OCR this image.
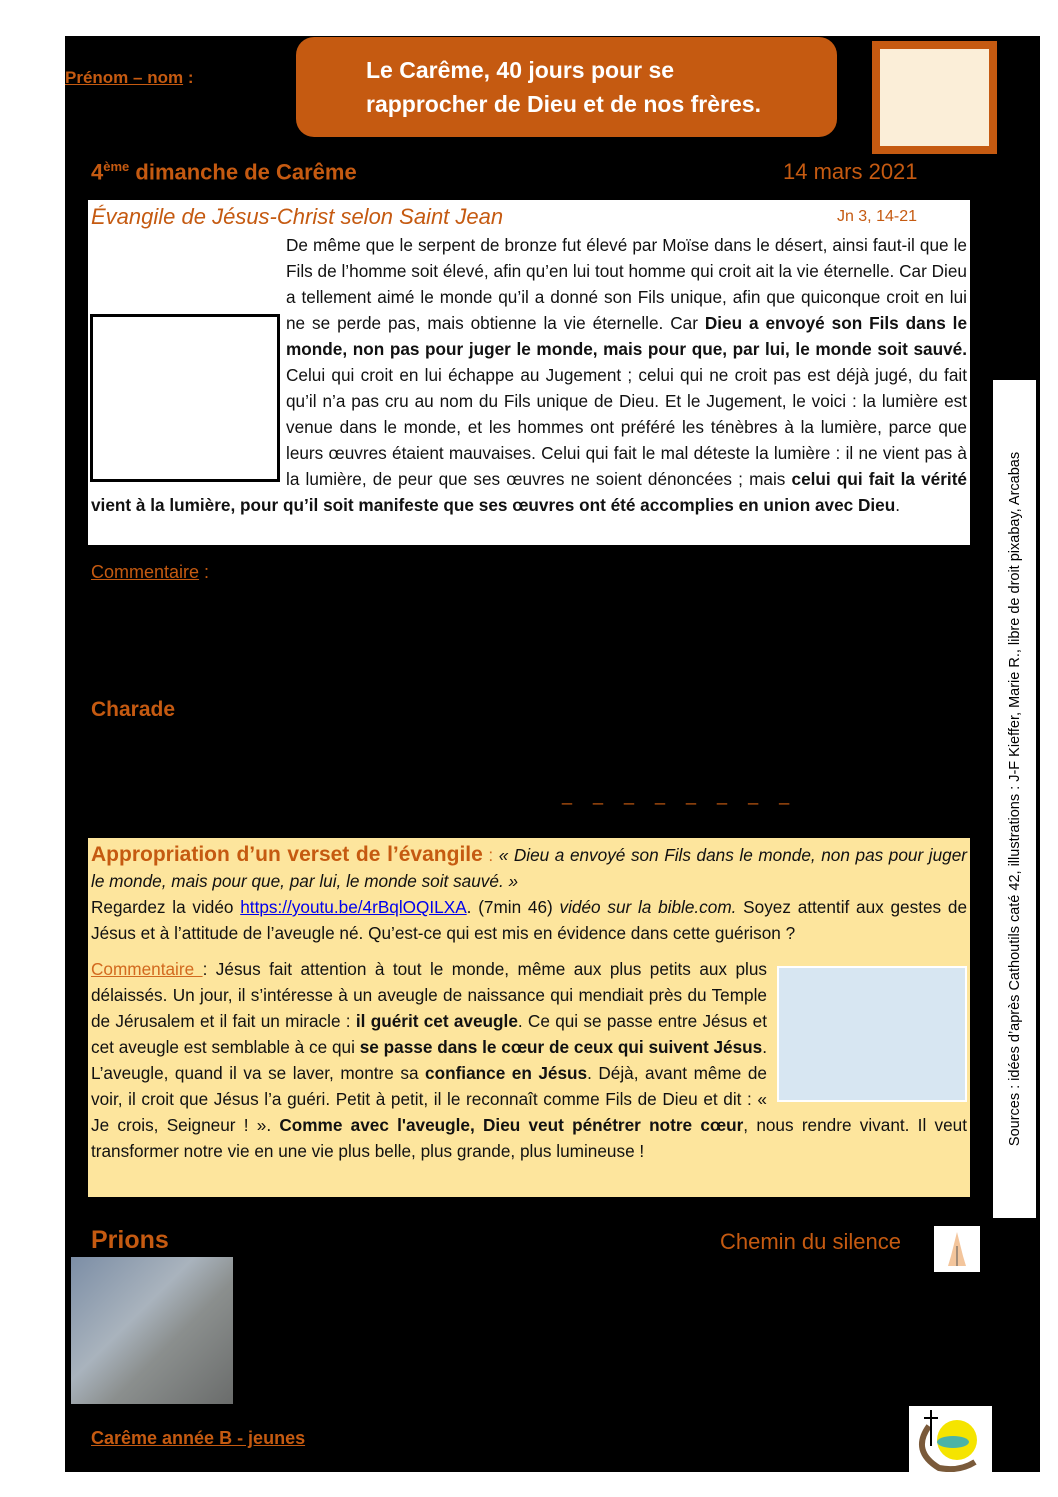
Prénom – nom :	Le Carême, 40 jours pour se
rapprocher de Dieu et de nos frères.
4ème dimanche de Carême	14 mars 2021
Évangile de Jésus-Christ selon Saint Jean	Jn 3, 14-21
De même que le serpent de bronze fut élevé par Moïse dans le désert, ainsi faut-il que le Fils de l’homme soit élevé, afin qu’en lui tout homme qui croit ait la vie éternelle. Car Dieu a tellement aimé le monde qu’il a donné son Fils unique, afin que quiconque croit en lui ne se perde pas, mais obtienne la vie éternelle. Car Dieu a envoyé son Fils dans le monde, non pas pour juger le monde, mais pour que, par lui, le monde soit sauvé. Celui qui croit en lui échappe au Jugement ; celui qui ne croit pas est déjà jugé, du fait qu’il n’a pas cru au nom du Fils unique de Dieu. Et le Jugement, le voici : la lumière est venue dans le monde, et les hommes ont préféré les ténèbres à la lumière, parce que leurs œuvres étaient mauvaises. Celui qui fait le mal déteste la lumière : il ne vient pas à la lumière, de peur que ses œuvres ne soient dénoncées ; mais celui qui fait la vérité vient à la lumière, pour qu’il soit manifeste que ses œuvres ont été accomplies en union avec Dieu.
Commentaire :
Charade
_ _ _ _ _ _ _ _
Appropriation d’un verset de l’évangile : « Dieu a envoyé son Fils dans le monde, non pas pour juger le monde, mais pour que, par lui, le monde soit sauvé. »
Regardez la vidéo https://youtu.be/4rBqlOQILXA. (7min 46) vidéo sur la bible.com. Soyez attentif aux gestes de Jésus et à l’attitude de l’aveugle né. Qu’est-ce qui est mis en évidence dans cette guérison ?
Commentaire : Jésus fait attention à tout le monde, même aux plus petits aux plus délaissés. Un jour, il s’intéresse à un aveugle de naissance qui mendiait près du Temple de Jérusalem et il fait un miracle : il guérit cet aveugle. Ce qui se passe entre Jésus et cet aveugle est semblable à ce qui se passe dans le cœur de ceux qui suivent Jésus. L’aveugle, quand il va se laver, montre sa confiance en Jésus. Déjà, avant même de voir, il croit que Jésus l’a guéri. Petit à petit, il le reconnaît comme Fils de Dieu et dit : « Je crois, Seigneur ! ». Comme avec l'aveugle, Dieu veut pénétrer notre cœur, nous rendre vivant. Il veut transformer notre vie en une vie plus belle, plus grande, plus lumineuse !
Sources : idées d’après Cathoutils caté 42, illustrations : J-F Kieffer, Marie R., libre de droit pixabay, Arcabas
Prions	Chemin du silence
Carême année B - jeunes
